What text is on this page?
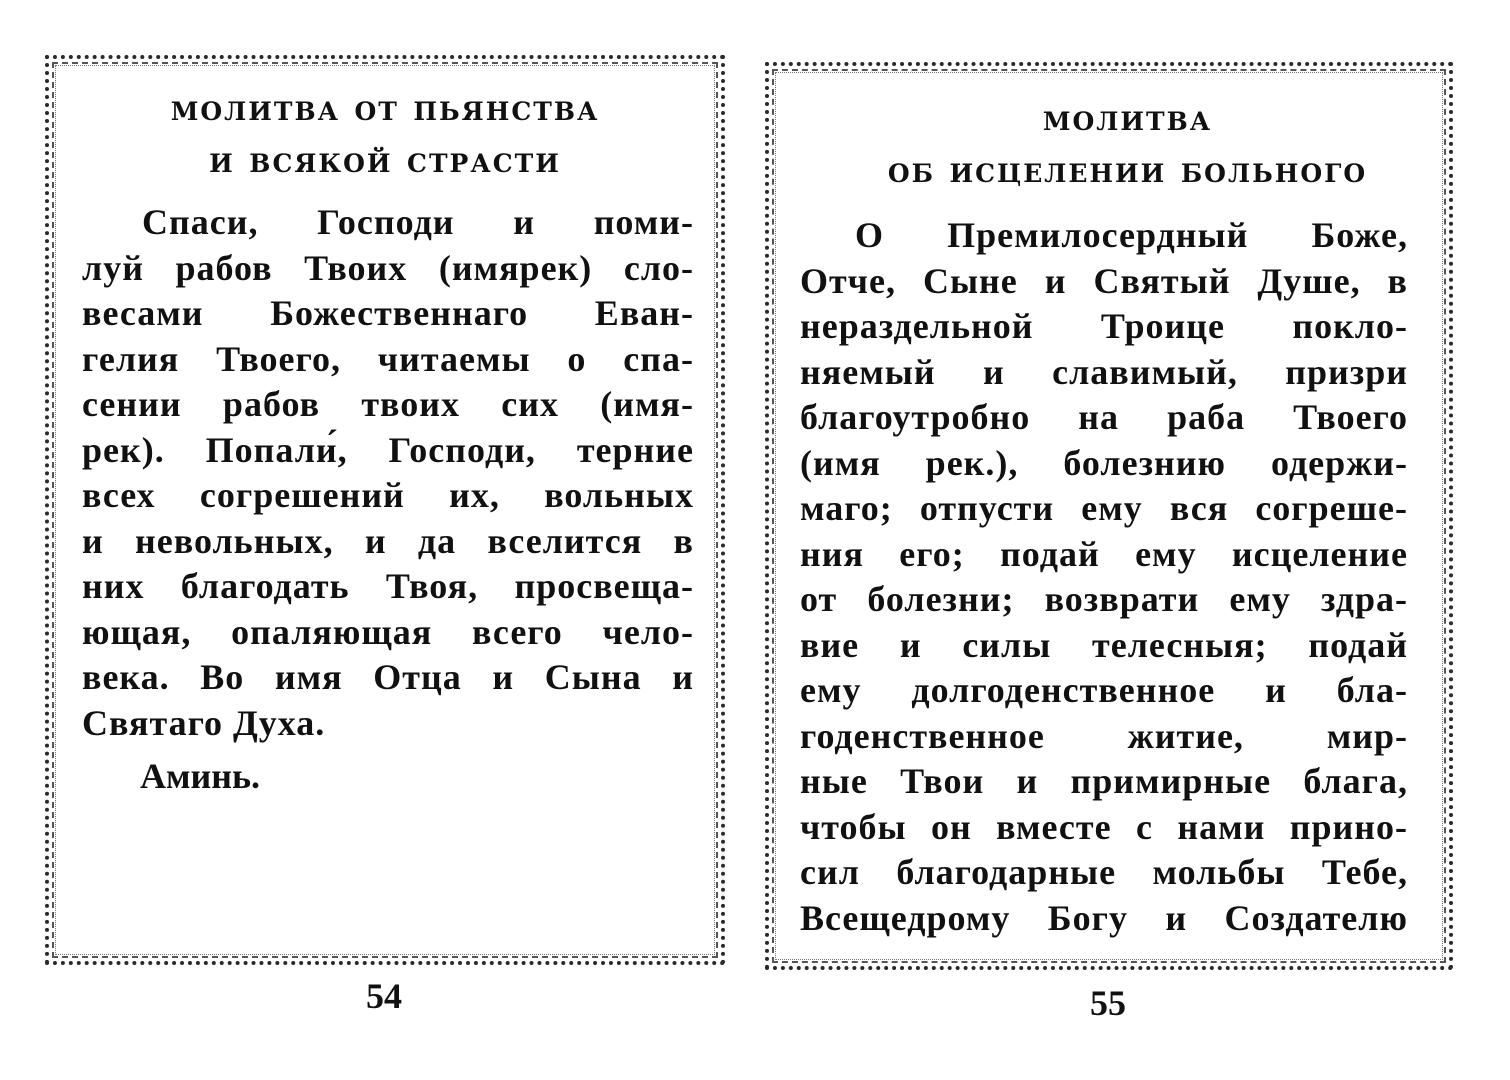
молитва от пьянства
и всякой страсти
Спаси, Господи и поми-
луй рабов Твоих (имярек) сло-
весами Божественнаго Еван-
гелия Твоего, читаемы о спа-
сении рабов твоих сих (имя-
рек). Попали́, Господи, терние
всех согрешений их, вольных
и невольных, и да вселится в
них благодать Твоя, просвеща-
ющая, опаляющая всего чело-
века. Во имя Отца и Сына и
Святаго Духа.
Аминь.
54
молитва
об исцелении больного
О Премилосердный Боже,
Отче, Сыне и Святый Душе, в
нераздельной Троице покло-
няемый и славимый, призри
благоутробно на раба Твоего
(имя рек.), болезнию одержи-
маго; отпусти ему вся согреше-
ния его; подай ему исцеление
от болезни; возврати ему здра-
вие и силы телесныя; подай
ему долгоденственное и бла-
годенственное житие, мир-
ные Твои и примирные блага,
чтобы он вместе с нами прино-
сил благодарные мольбы Тебе,
Всещедрому Богу и Создателю
55
